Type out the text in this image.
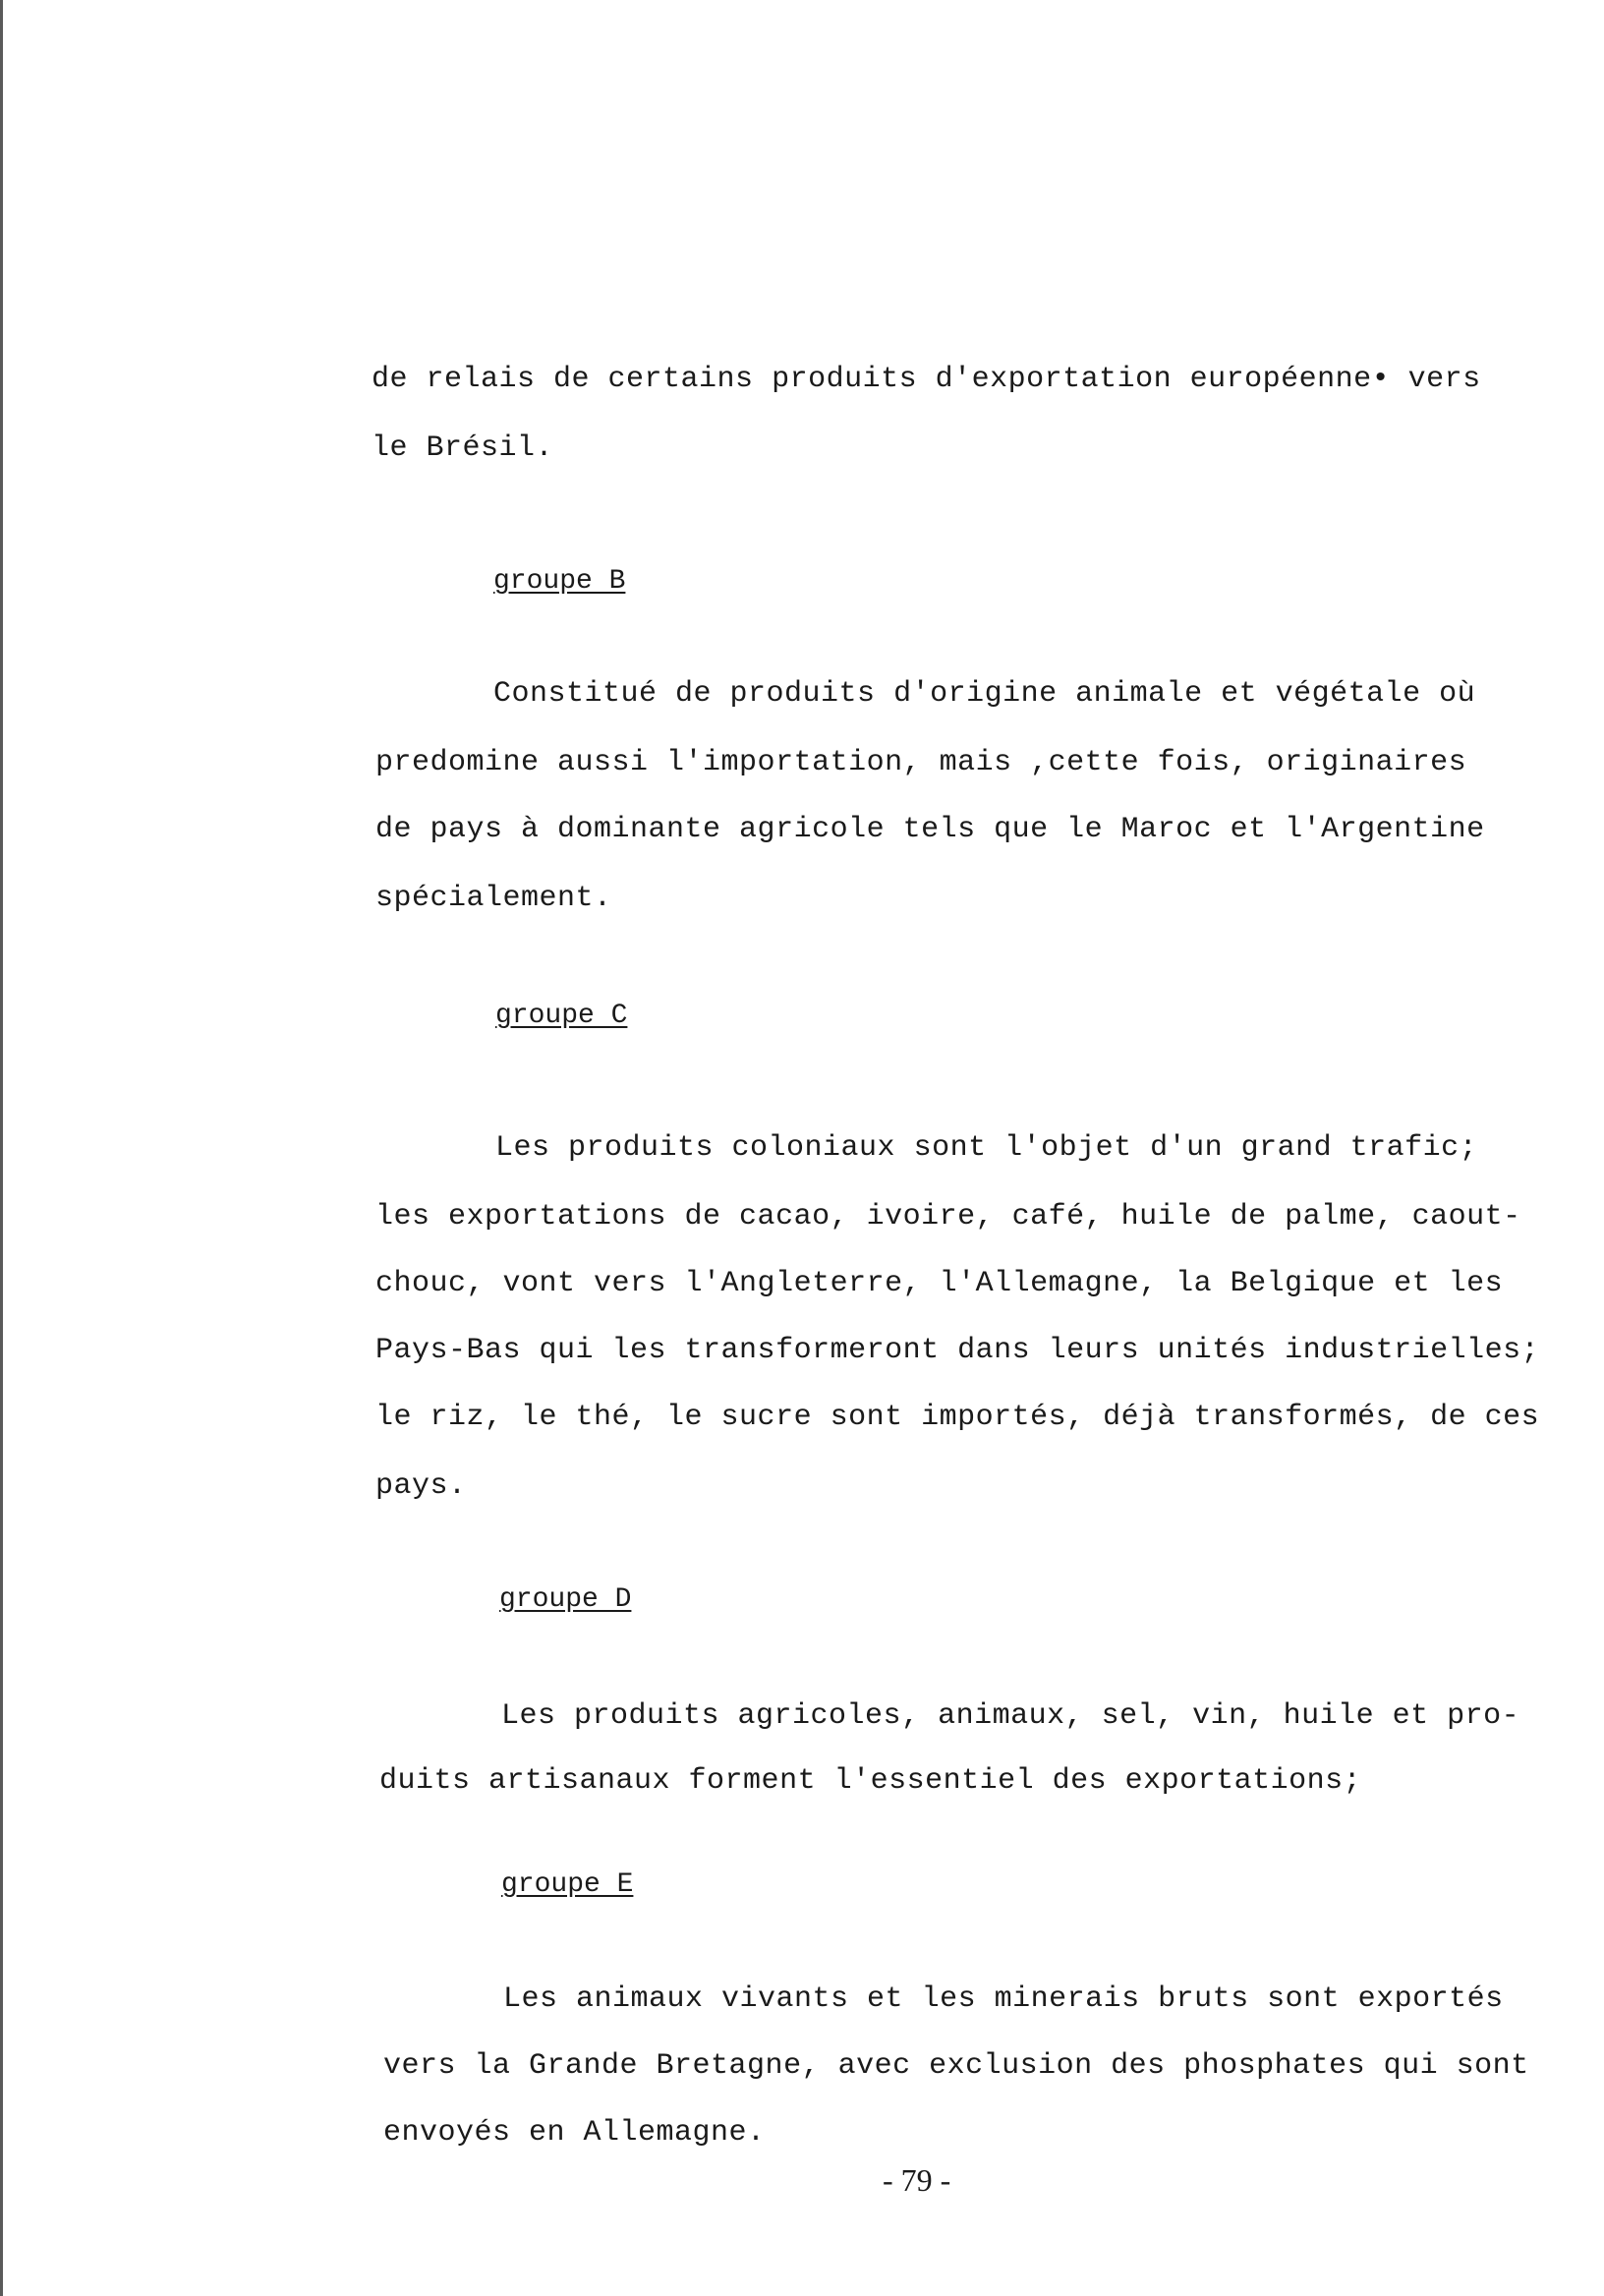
de relais de certains produits d'exportation européenne• vers
le Brésil.
groupe B
Constitué de produits d'origine animale et végétale où
predomine aussi l'importation, mais ,cette fois, originaires
de pays à dominante agricole tels que le Maroc et l'Argentine
spécialement.
groupe C
Les produits coloniaux sont l'objet d'un grand trafic;
les exportations de cacao, ivoire, café, huile de palme, caout-
chouc, vont vers l'Angleterre, l'Allemagne, la Belgique et les
Pays-Bas qui les transformeront dans leurs unités industrielles;
le riz, le thé, le sucre sont importés, déjà transformés, de ces
pays.
groupe D
Les produits agricoles, animaux, sel, vin, huile et pro-
duits artisanaux forment l'essentiel des exportations;
groupe E
Les animaux vivants et les minerais bruts sont exportés
vers la Grande Bretagne, avec exclusion des phosphates qui sont
envoyés en Allemagne.
- 79 -
